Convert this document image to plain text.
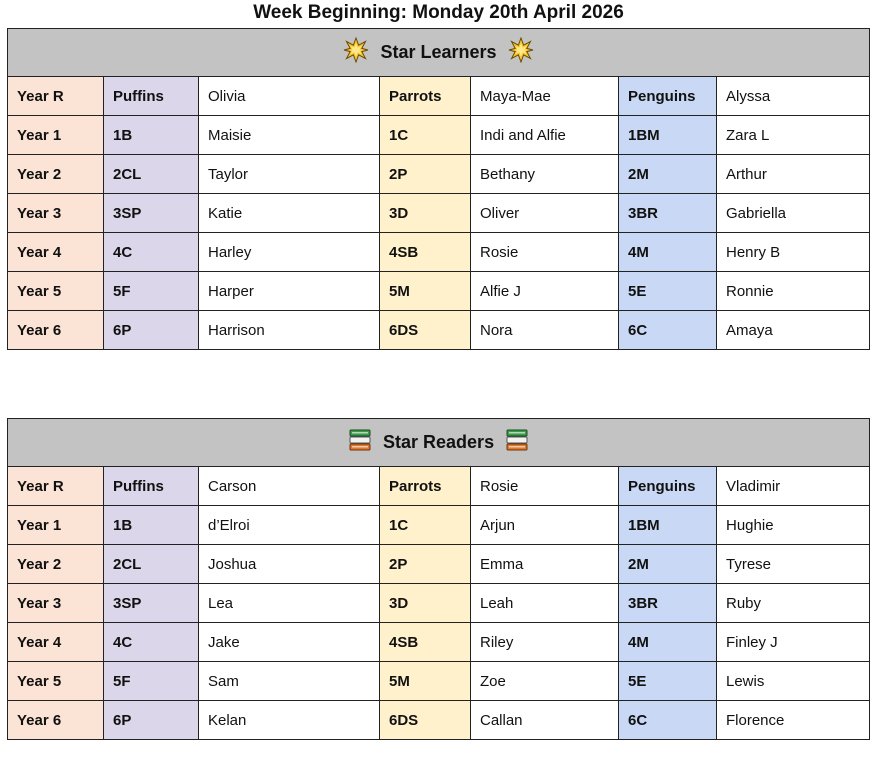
Week Beginning: Monday 20th April 2026
Star Learners						
Year R	Puffins	Olivia	Parrots	Maya-Mae	Penguins	Alyssa
Year 1	1B	Maisie	1C	Indi and Alfie	1BM	Zara L
Year 2	2CL	Taylor	2P	Bethany	2M	Arthur
Year 3	3SP	Katie	3D	Oliver	3BR	Gabriella
Year 4	4C	Harley	4SB	Rosie	4M	Henry B
Year 5	5F	Harper	5M	Alfie J	5E	Ronnie
Year 6	6P	Harrison	6DS	Nora	6C	Amaya
Star Readers						
Year R	Puffins	Carson	Parrots	Rosie	Penguins	Vladimir
Year 1	1B	d’Elroi	1C	Arjun	1BM	Hughie
Year 2	2CL	Joshua	2P	Emma	2M	Tyrese
Year 3	3SP	Lea	3D	Leah	3BR	Ruby
Year 4	4C	Jake	4SB	Riley	4M	Finley J
Year 5	5F	Sam	5M	Zoe	5E	Lewis
Year 6	6P	Kelan	6DS	Callan	6C	Florence
